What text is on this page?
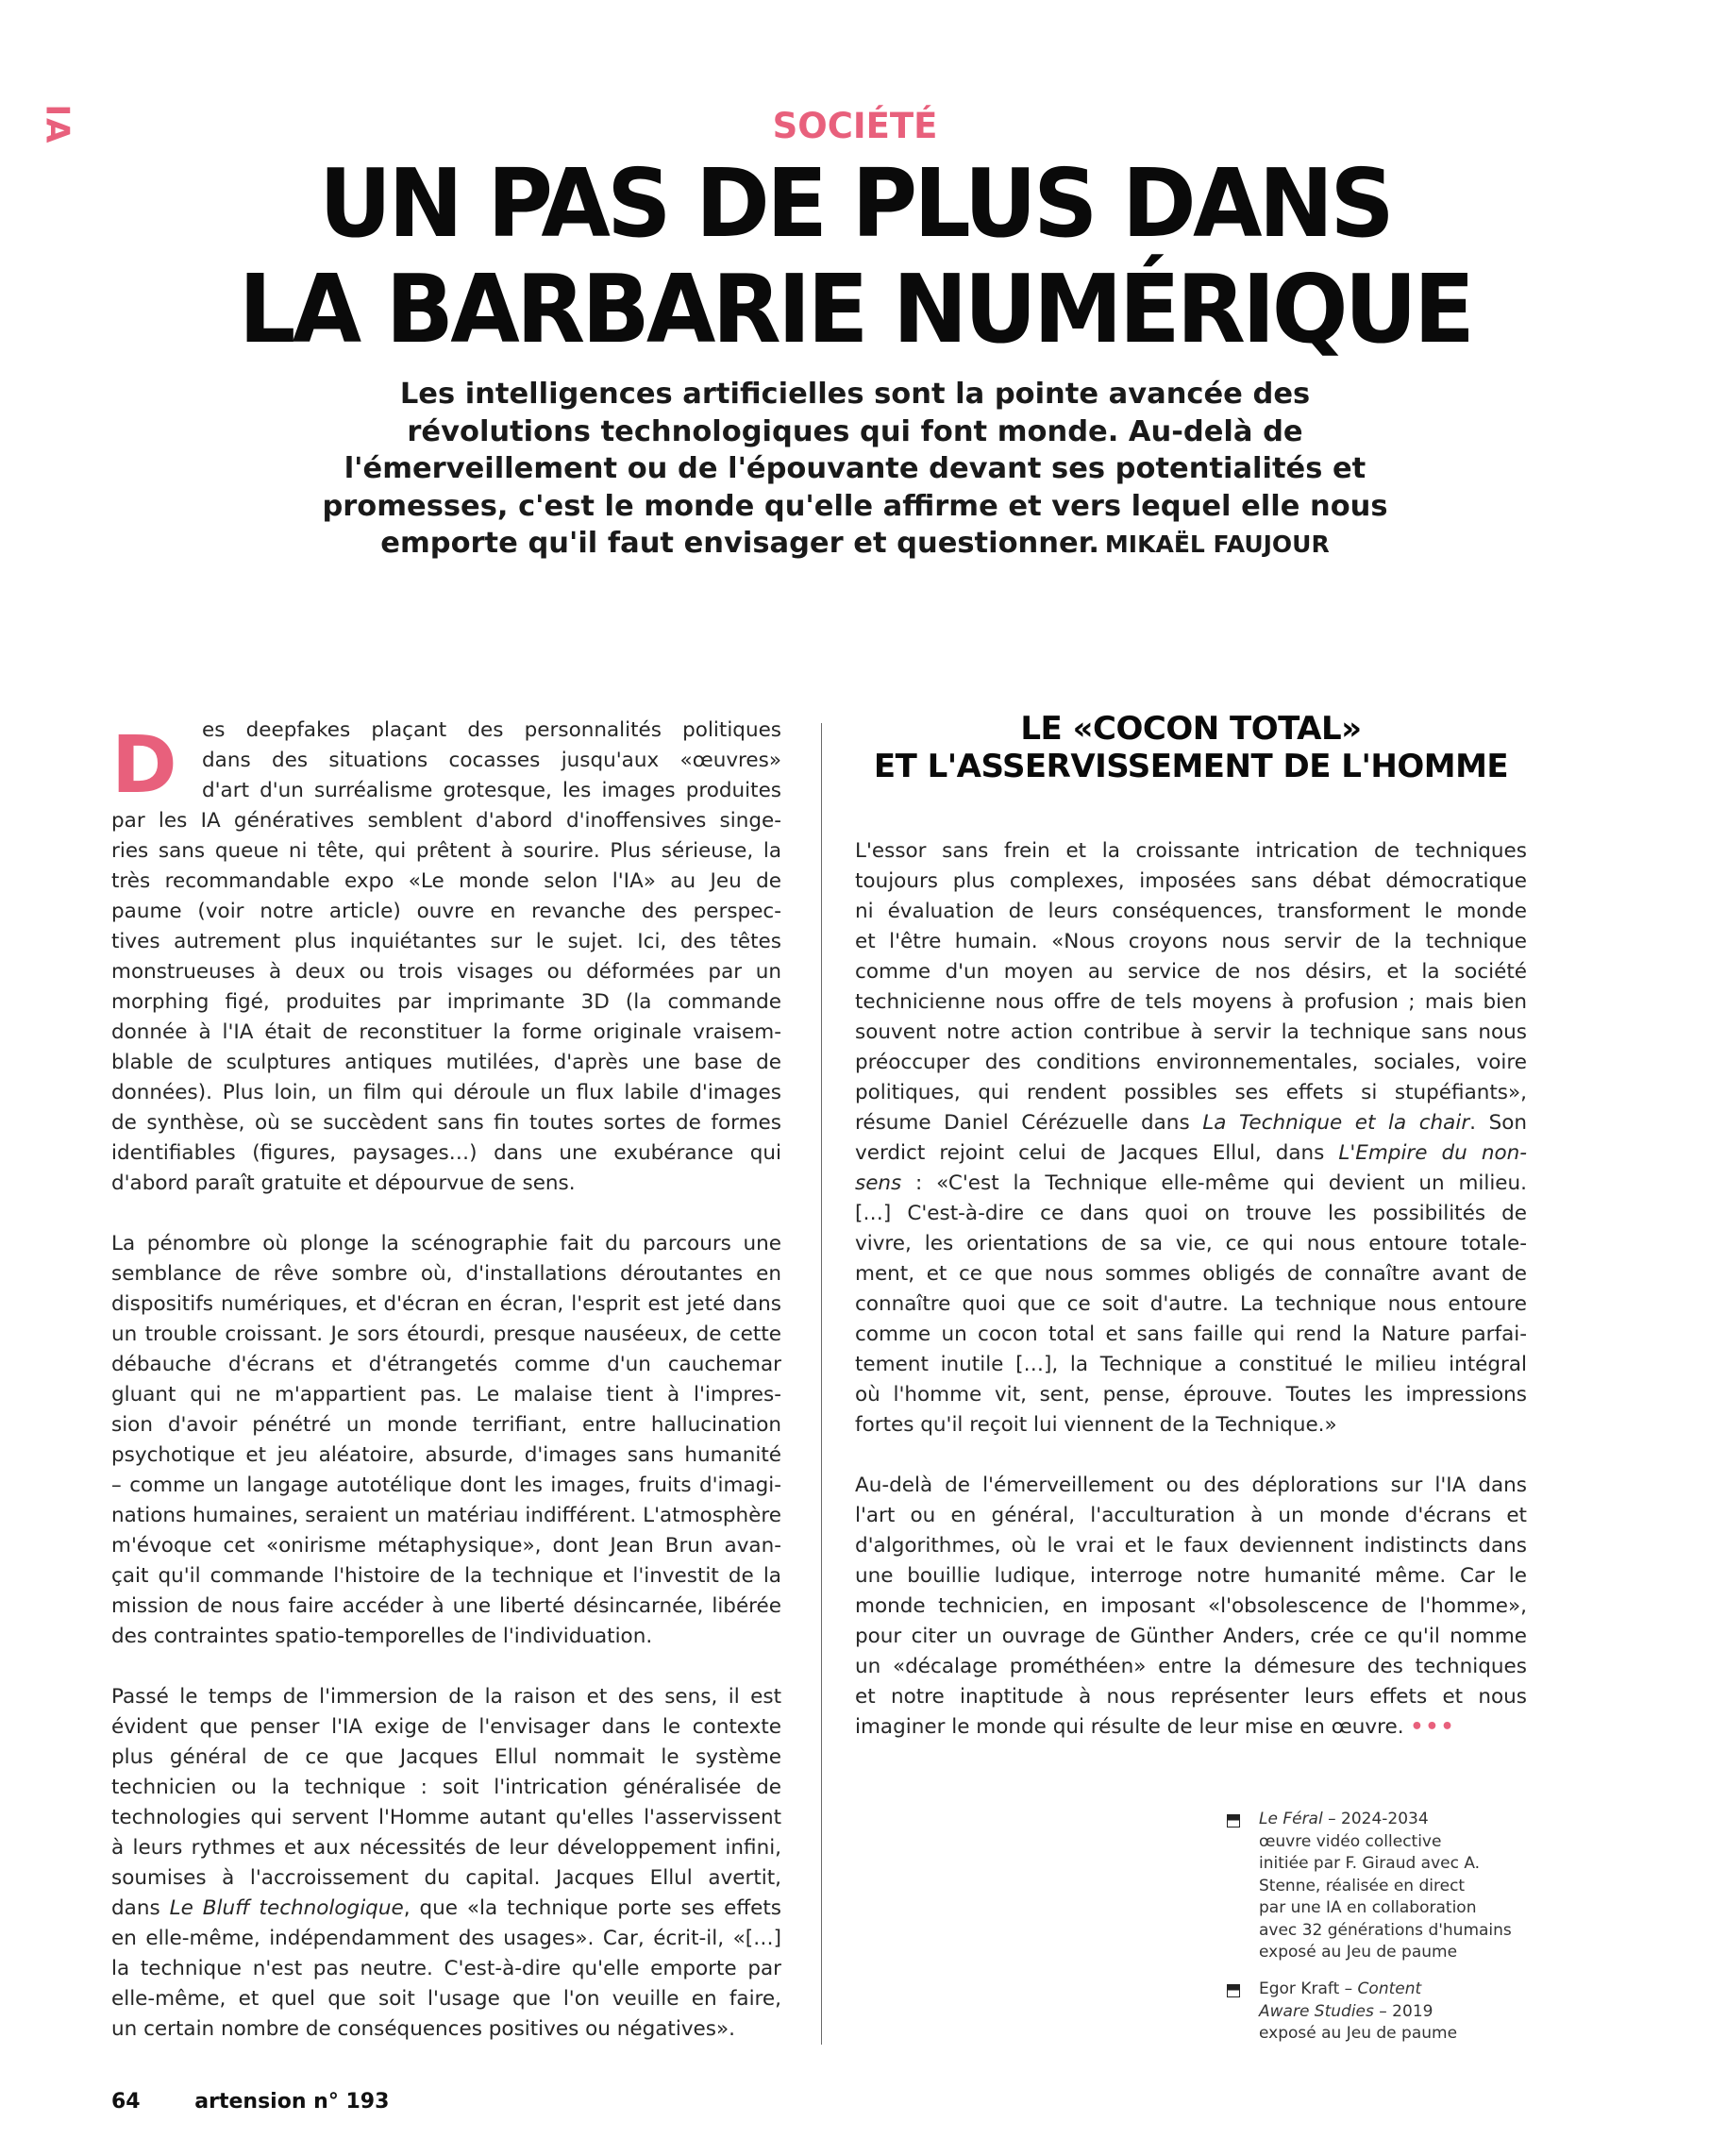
IA	SOCIÉTÉ
UN PAS DE PLUS DANS
LA BARBARIE NUMÉRIQUE
Les intelligences artificielles sont la pointe avancée des
révolutions technologiques qui font monde. Au-delà de
l'émerveillement ou de l'épouvante devant ses potentialités et
promesses, c'est le monde qu'elle affirme et vers lequel elle nous
emporte qu'il faut envisager et questionner. MIKAËL FAUJOUR
D	es deepfakes plaçant des personnalités politiques
dans des situations cocasses jusqu'aux «œuvres»
d'art d'un surréalisme grotesque, les images produites
par les IA génératives semblent d'abord d'inoffensives singe-
ries sans queue ni tête, qui prêtent à sourire. Plus sérieuse, la
très recommandable expo «Le monde selon l'IA» au Jeu de
paume (voir notre article) ouvre en revanche des perspec-
tives autrement plus inquiétantes sur le sujet. Ici, des têtes
monstrueuses à deux ou trois visages ou déformées par un
morphing figé, produites par imprimante 3D (la commande
donnée à l'IA était de reconstituer la forme originale vraisem-
blable de sculptures antiques mutilées, d'après une base de
données). Plus loin, un film qui déroule un flux labile d'images
de synthèse, où se succèdent sans fin toutes sortes de formes
identifiables (figures, paysages…) dans une exubérance qui
d'abord paraît gratuite et dépourvue de sens.

La pénombre où plonge la scénographie fait du parcours une
semblance de rêve sombre où, d'installations déroutantes en
dispositifs numériques, et d'écran en écran, l'esprit est jeté dans
un trouble croissant. Je sors étourdi, presque nauséeux, de cette
débauche d'écrans et d'étrangetés comme d'un cauchemar
gluant qui ne m'appartient pas. Le malaise tient à l'impres-
sion d'avoir pénétré un monde terrifiant, entre hallucination
psychotique et jeu aléatoire, absurde, d'images sans humanité
– comme un langage autotélique dont les images, fruits d'imagi-
nations humaines, seraient un matériau indifférent. L'atmosphère
m'évoque cet «onirisme métaphysique», dont Jean Brun avan-
çait qu'il commande l'histoire de la technique et l'investit de la
mission de nous faire accéder à une liberté désincarnée, libérée
des contraintes spatio-temporelles de l'individuation.

Passé le temps de l'immersion de la raison et des sens, il est
évident que penser l'IA exige de l'envisager dans le contexte
plus général de ce que Jacques Ellul nommait le système
technicien ou la technique : soit l'intrication généralisée de
technologies qui servent l'Homme autant qu'elles l'asservissent
à leurs rythmes et aux nécessités de leur développement infini,
soumises à l'accroissement du capital. Jacques Ellul avertit,
dans Le Bluff technologique, que «la technique porte ses effets
en elle-même, indépendamment des usages». Car, écrit-il, «[…]
la technique n'est pas neutre. C'est-à-dire qu'elle emporte par
elle-même, et quel que soit l'usage que l'on veuille en faire,
un certain nombre de conséquences positives ou négatives».

LE «COCON TOTAL»
ET L'ASSERVISSEMENT DE L'HOMME

L'essor sans frein et la croissante intrication de techniques
toujours plus complexes, imposées sans débat démocratique
ni évaluation de leurs conséquences, transforment le monde
et l'être humain. «Nous croyons nous servir de la technique
comme d'un moyen au service de nos désirs, et la société
technicienne nous offre de tels moyens à profusion ; mais bien
souvent notre action contribue à servir la technique sans nous
préoccuper des conditions environnementales, sociales, voire
politiques, qui rendent possibles ses effets si stupéfiants»,
résume Daniel Cérézuelle dans La Technique et la chair. Son
verdict rejoint celui de Jacques Ellul, dans L'Empire du non-
sens : «C'est la Technique elle-même qui devient un milieu.
[…] C'est-à-dire ce dans quoi on trouve les possibilités de
vivre, les orientations de sa vie, ce qui nous entoure totale-
ment, et ce que nous sommes obligés de connaître avant de
connaître quoi que ce soit d'autre. La technique nous entoure
comme un cocon total et sans faille qui rend la Nature parfai-
tement inutile […], la Technique a constitué le milieu intégral
où l'homme vit, sent, pense, éprouve. Toutes les impressions
fortes qu'il reçoit lui viennent de la Technique.»

Au-delà de l'émerveillement ou des déplorations sur l'IA dans
l'art ou en général, l'acculturation à un monde d'écrans et
d'algorithmes, où le vrai et le faux deviennent indistincts dans
une bouillie ludique, interroge notre humanité même. Car le
monde technicien, en imposant «l'obsolescence de l'homme»,
pour citer un ouvrage de Günther Anders, crée ce qu'il nomme
un «décalage prométhéen» entre la démesure des techniques
et notre inaptitude à nous représenter leurs effets et nous
imaginer le monde qui résulte de leur mise en œuvre. •••

Le Féral – 2024-2034
œuvre vidéo collective
initiée par F. Giraud avec A.
Stenne, réalisée en direct
par une IA en collaboration
avec 32 générations d'humains
exposé au Jeu de paume
Egor Kraft – Content
Aware Studies – 2019
exposé au Jeu de paume
64	artension n° 193
